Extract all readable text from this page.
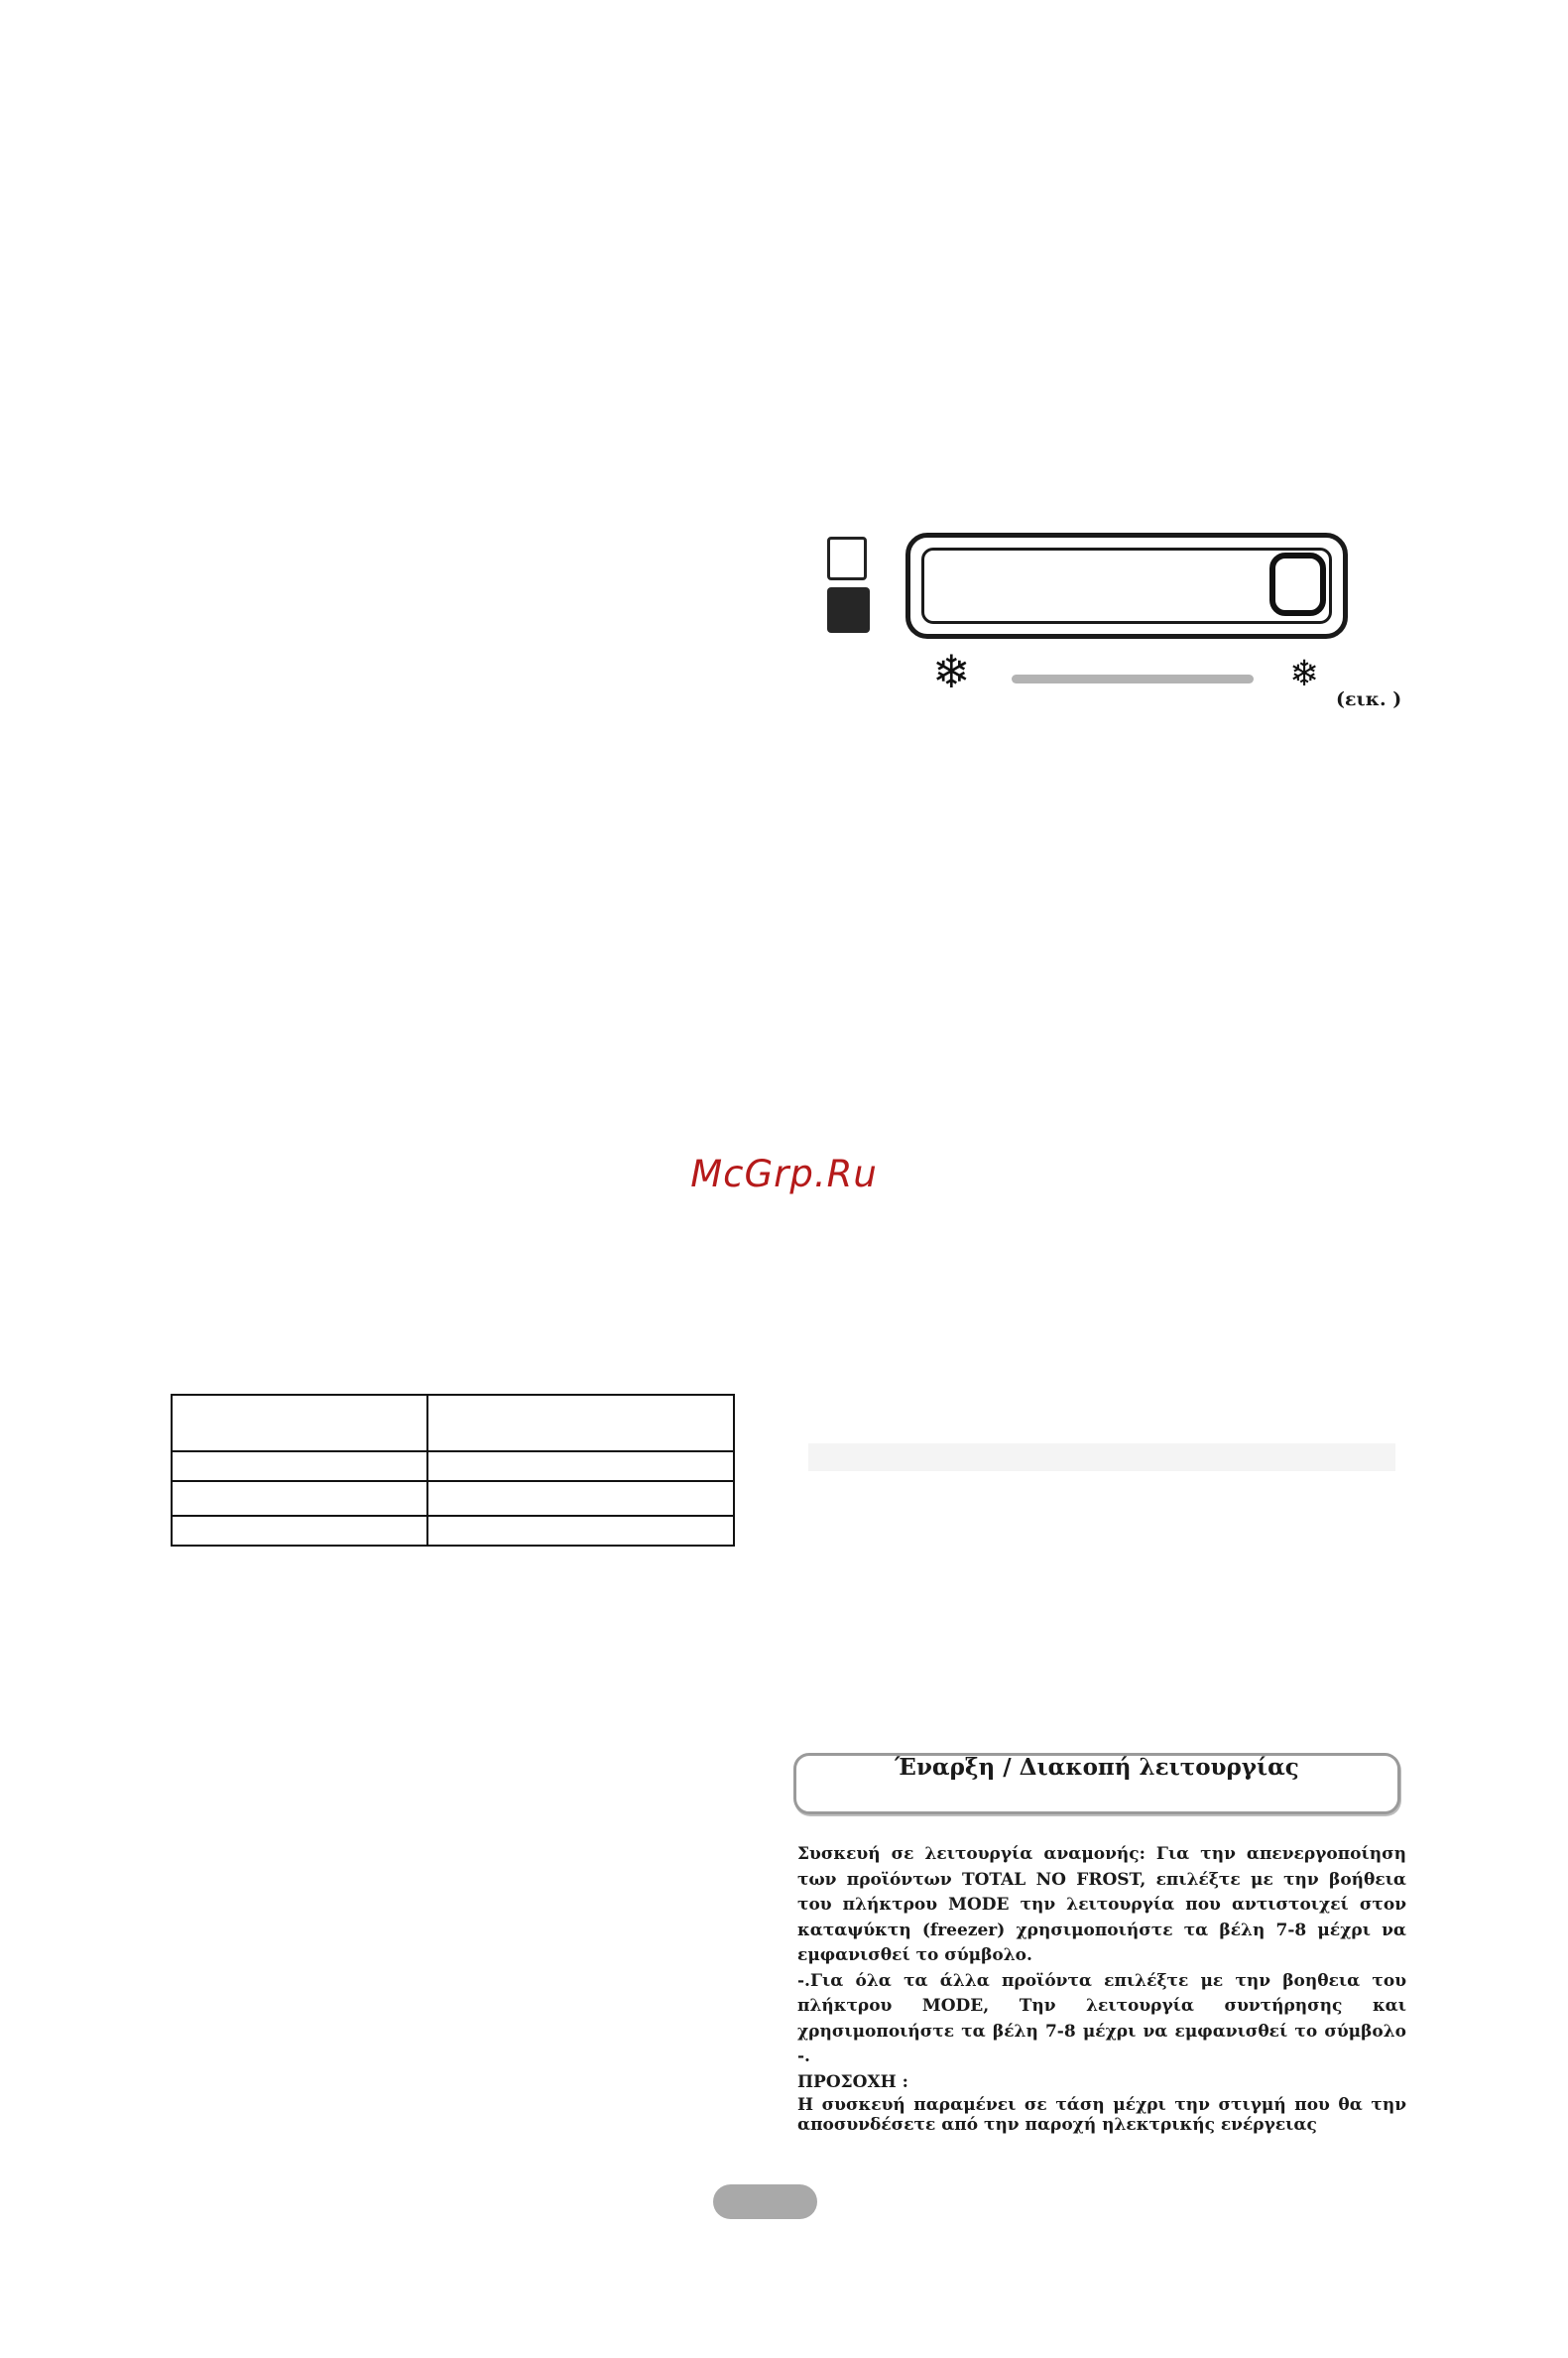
❄	❄
(εικ. )
McGrp.Ru
Έναρξη / Διακοπή λειτουργίας

Συσκευή σε λειτουργία αναμονής: Για την απενεργοποίηση των προϊόντων TOTAL NO FROST, επιλέξτε με την βοήθεια του πλήκτρου MODE την λειτουργία που αντιστοιχεί στον καταψύκτη (freezer) χρησιμοποιήστε τα βέλη 7-8 μέχρι να εμφανισθεί το σύμβολο.

-.Για όλα τα άλλα προϊόντα επιλέξτε με την βοηθεια του πλήκτρου MODE, Την λειτουργία συντήρησης και χρησιμοποιήστε τα βέλη 7-8 μέχρι να εμφανισθεί το σύμβολο -.

ΠΡΟΣΟΧΗ :

Η συσκευή παραμένει σε τάση μέχρι την στιγμή που θα την αποσυνδέσετε από την παροχή ηλεκτρικής ενέργειας
